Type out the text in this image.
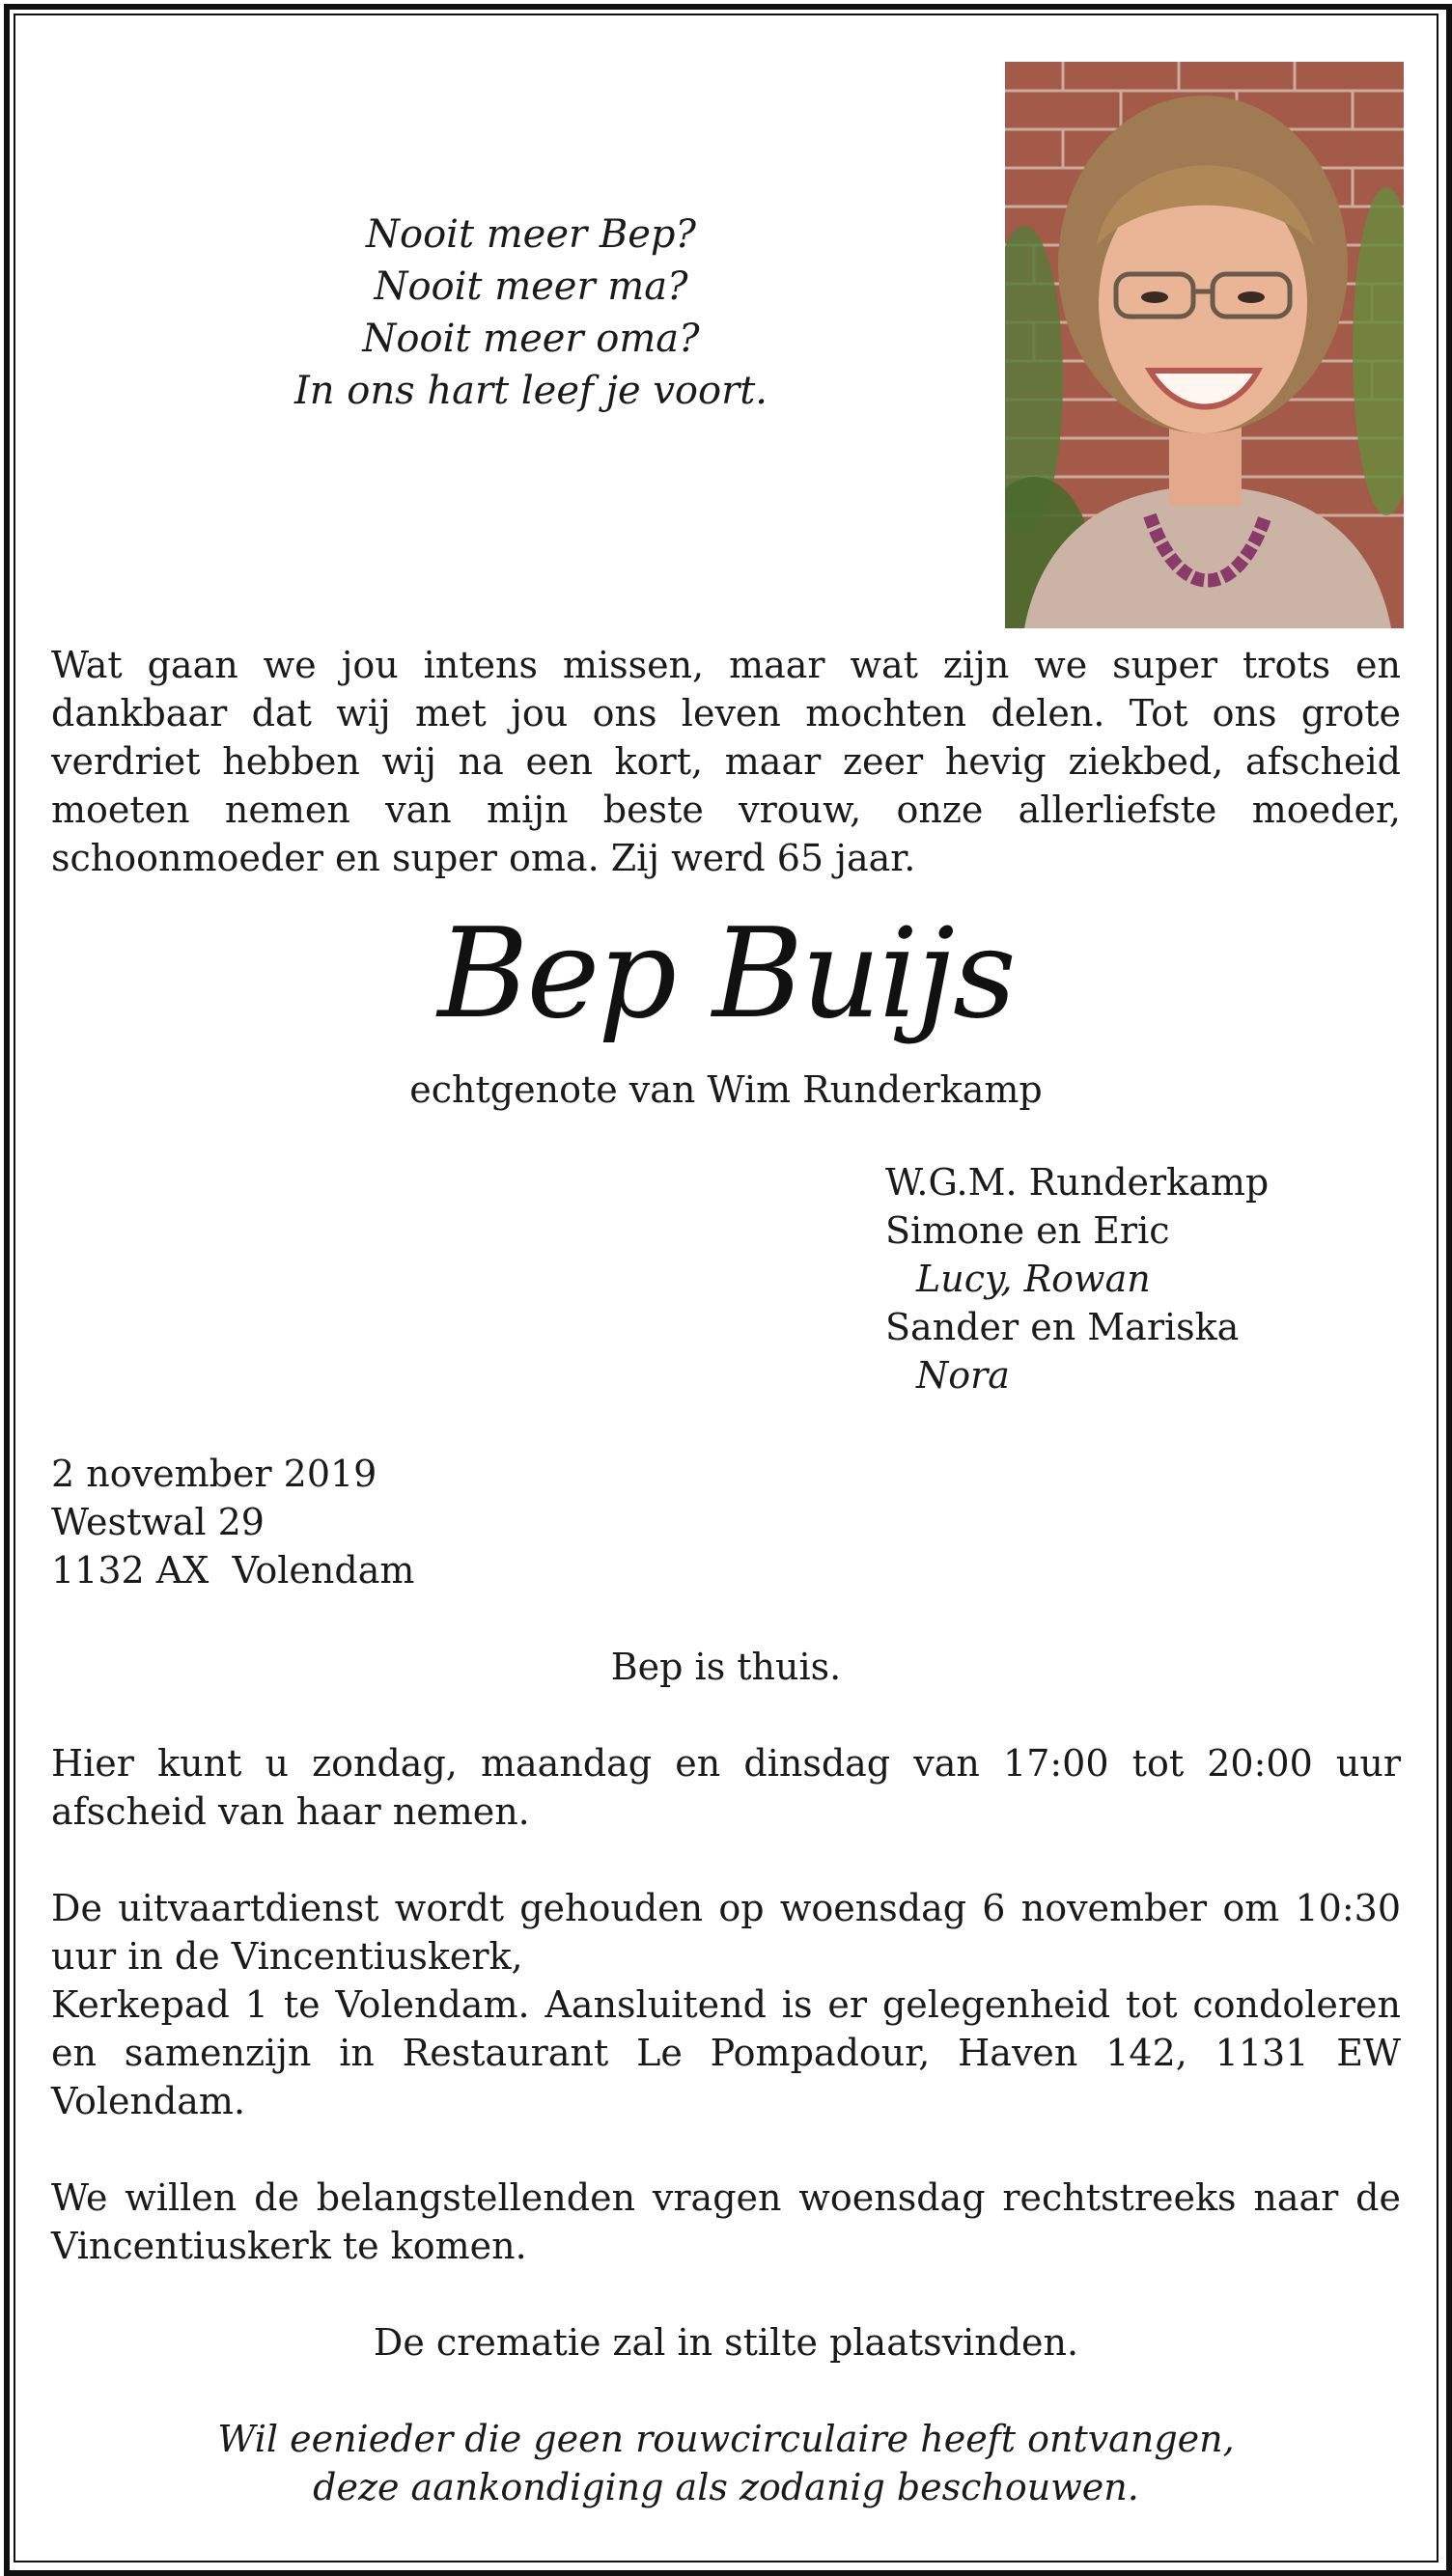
Nooit meer Bep?
Nooit meer ma?
Nooit meer oma?
In ons hart leef je voort.
Wat gaan we jou intens missen, maar wat zijn we super trots en dankbaar dat wij met jou ons leven mochten delen. Tot ons grote verdriet hebben wij na een kort, maar zeer hevig ziekbed, afscheid moeten nemen van mijn beste vrouw, onze allerliefste moeder, schoonmoeder en super oma. Zij werd 65 jaar.
Bep Buijs
echtgenote van Wim Runderkamp
W.G.M. Runderkamp
Simone en Eric
Lucy, Rowan
Sander en Mariska
Nora
2 november 2019
Westwal 29
1132 AX  Volendam
Bep is thuis.
Hier kunt u zondag, maandag en dinsdag van 17:00 tot 20:00 uur afscheid van haar nemen.
De uitvaartdienst wordt gehouden op woensdag 6 november om 10:30 uur in de Vincentiuskerk,
Kerkepad 1 te Volendam. Aansluitend is er gelegenheid tot condoleren en samenzijn in Restaurant Le Pompadour, Haven 142, 1131 EW Volendam.
We willen de belangstellenden vragen woensdag rechtstreeks naar de Vincentiuskerk te komen.
De crematie zal in stilte plaatsvinden.
Wil eenieder die geen rouwcirculaire heeft ontvangen,
deze aankondiging als zodanig beschouwen.
